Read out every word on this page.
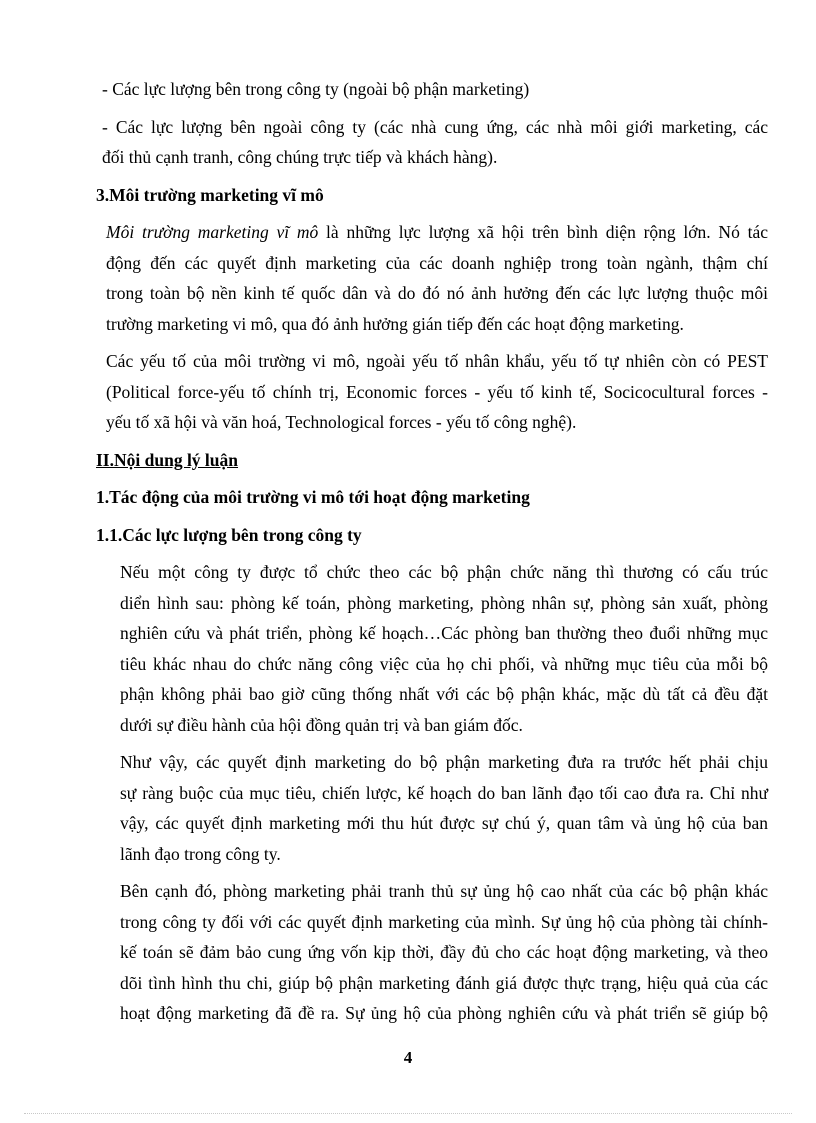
- Các lực lượng bên trong công ty (ngoài bộ phận marketing)

- Các lực lượng bên ngoài công ty (các nhà cung ứng, các nhà môi giới marketing, các
đối thủ cạnh tranh, công chúng trực tiếp và khách hàng).

3.Môi trường marketing vĩ mô

Môi trường marketing vĩ mô là những lực lượng xã hội trên bình diện rộng lớn. Nó tác
động đến các quyết định marketing của các doanh nghiệp trong toàn ngành, thậm chí
trong toàn bộ nền kinh tế quốc dân và do đó nó ảnh hưởng đến các lực lượng thuộc môi
trường marketing vi mô, qua đó ảnh hưởng gián tiếp đến các hoạt động marketing.

Các yếu tố của môi trường vi mô, ngoài yếu tố nhân khẩu, yếu tố tự nhiên còn có PEST
(Political force-yếu tố chính trị, Economic forces - yếu tố kinh tế, Socicocultural forces -
yếu tố xã hội và văn hoá, Technological forces - yếu tố công nghệ).

II.Nội dung lý luận
1.Tác động của môi trường vi mô tới hoạt động marketing
1.1.Các lực lượng bên trong công ty

Nếu một công ty được tổ chức theo các bộ phận chức năng thì thương có cấu trúc
diển hình sau: phòng kế toán, phòng marketing, phòng nhân sự, phòng sản xuất, phòng
nghiên cứu và phát triển, phòng kế hoạch…Các phòng ban thường theo đuổi những mục
tiêu khác nhau do chức năng công việc của họ chi phối, và những mục tiêu của mỗi bộ
phận không phải bao giờ cũng thống nhất với các bộ phận khác, mặc dù tất cả đều đặt
dưới sự điều hành của hội đồng quản trị và ban giám đốc.

Như vậy, các quyết định marketing do bộ phận marketing đưa ra trước hết phải chịu
sự ràng buộc của mục tiêu, chiến lược, kế hoạch do ban lãnh đạo tối cao đưa ra. Chỉ như
vậy, các quyết định marketing mới thu hút được sự chú ý, quan tâm và ủng hộ của ban
lãnh đạo trong công ty.

Bên cạnh đó, phòng marketing phải tranh thủ sự ủng hộ cao nhất của các bộ phận khác
trong công ty đối với các quyết định marketing của mình. Sự ủng hộ của phòng tài chính-
kế toán sẽ đảm bảo cung ứng vốn kịp thời, đầy đủ cho các hoạt động marketing, và theo
dõi tình hình thu chi, giúp bộ phận marketing đánh giá được thực trạng, hiệu quả của các
hoạt động marketing đã đề ra. Sự ủng hộ của phòng nghiên cứu và phát triển sẽ giúp bộ

4
